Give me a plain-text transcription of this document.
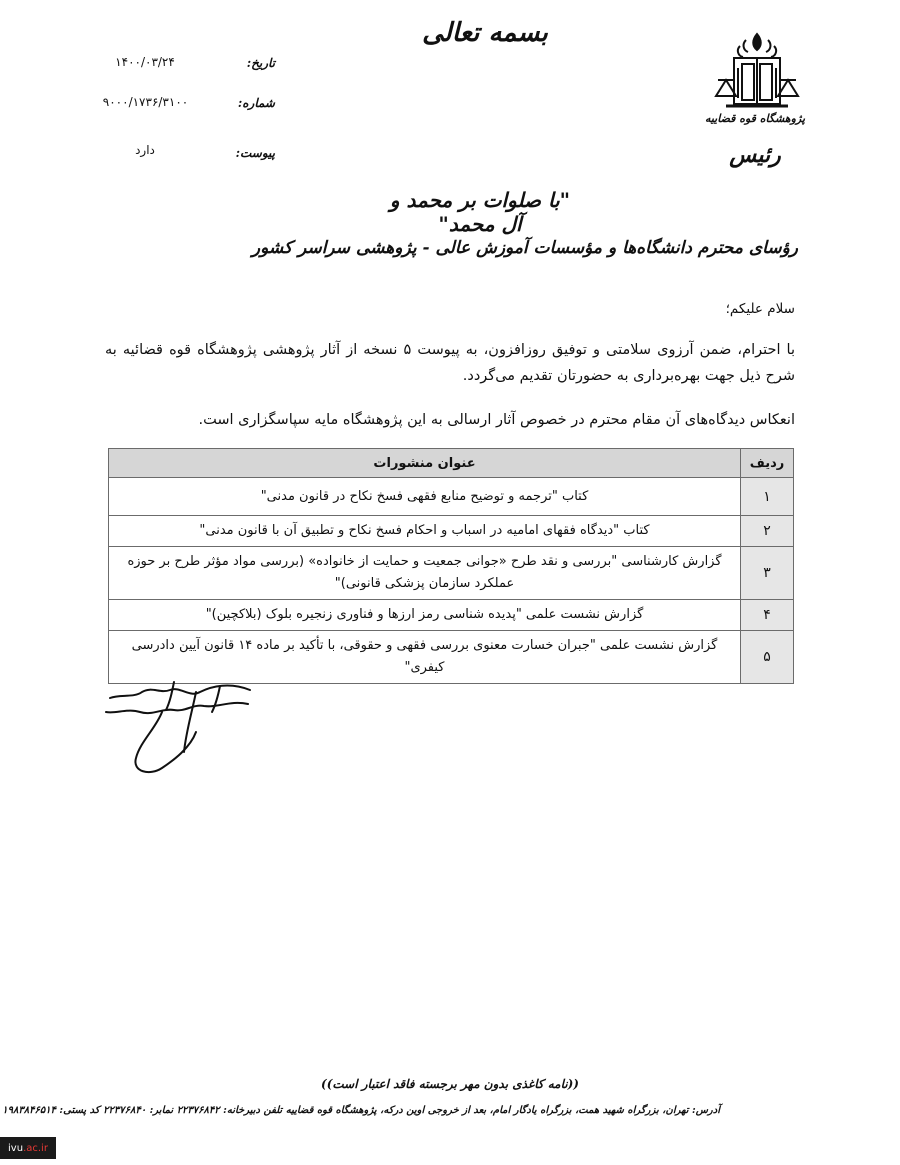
بسمه تعالی
تاریخ:
۱۴۰۰/۰۳/۲۴
شماره:
۹۰۰۰/۱۷۳۶/۳۱۰۰
پیوست:
دارد
پژوهشگاه قوه قضاییه
رئیس
"با صلوات بر محمد و آل محمد"
رؤسای محترم دانشگاه‌ها و مؤسسات آموزش عالی - پژوهشی سراسر کشور
سلام علیکم؛
با احترام، ضمن آرزوی سلامتی و توفیق روزافزون، به پیوست ۵ نسخه از آثار پژوهشی پژوهشگاه قوه قضائیه به شرح ذیل جهت بهره‌برداری به حضورتان تقدیم می‌گردد.
انعکاس دیدگاه‌های آن مقام محترم در خصوص آثار ارسالی به این پژوهشگاه مایه سپاسگزاری است.
ردیف	عنوان منشورات
۱	کتاب "ترجمه و توضیح منابع فقهی فسخ نکاح در قانون مدنی"
۲	کتاب "دیدگاه فقهای امامیه در اسباب و احکام فسخ نکاح و تطبیق آن با قانون مدنی"
۳	گزارش کارشناسی "بررسی و نقد طرح «جوانی جمعیت و حمایت از خانواده» (بررسی مواد مؤثر طرح بر حوزه عملکرد سازمان پزشکی قانونی)"
۴	گزارش نشست علمی "پدیده شناسی رمز ارزها و فناوری زنجیره بلوک (بلاکچین)"
۵	گزارش نشست علمی "جبران خسارت معنوی بررسی فقهی و حقوقی، با تأکید بر ماده ۱۴ قانون آیین دادرسی کیفری"
((نامه کاغذی بدون مهر برجسته فاقد اعتبار است))
آدرس: تهران، بزرگراه شهید همت، بزرگراه یادگار امام، بعد از خروجی اوین درکه، پژوهشگاه قوه قضاییه تلفن دبیرخانه: ۲۲۳۷۶۸۴۲ نمابر: ۲۲۳۷۶۸۴۰ کد پستی: ۱۹۸۳۸۴۶۵۱۴
ivu .ac.ir
